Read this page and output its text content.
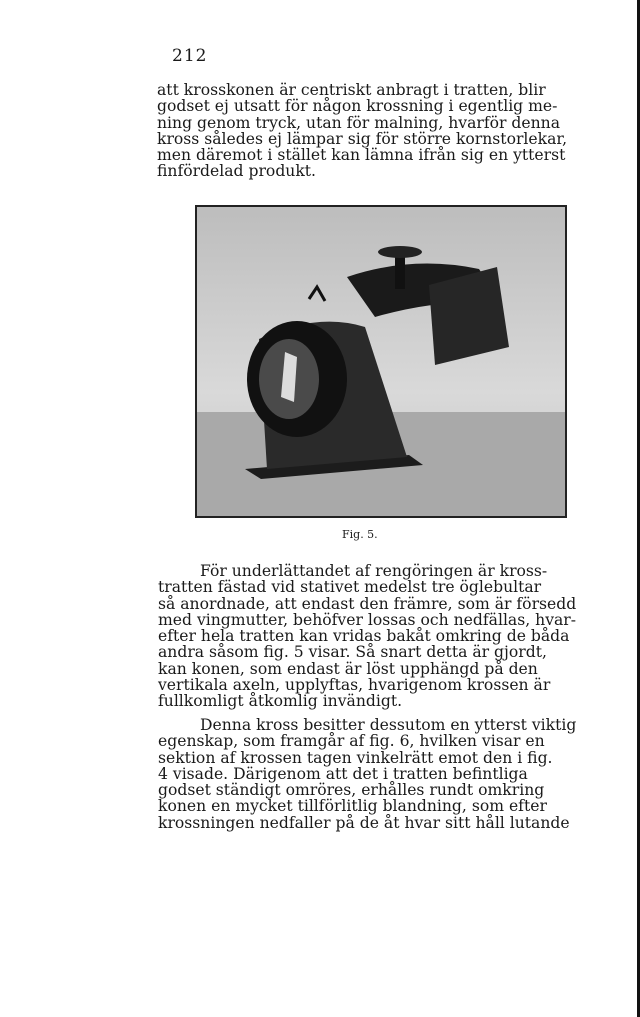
212

att krosskonen är centriskt anbragt i tratten, blir
godset ej utsatt för någon krossning i egentlig me-
ning genom tryck, utan för malning, hvarför denna
kross således ej lämpar sig för större kornstorlekar,
men däremot i stället kan lämna ifrån sig en ytterst
finfördelad produkt.

Fig. 5.

För underlättandet af rengöringen är kross-
tratten fästad vid stativet medelst tre öglebultar
så anordnade, att endast den främre, som är försedd
med vingmutter, behöfver lossas och nedfällas, hvar-
efter hela tratten kan vridas bakåt omkring de båda
andra såsom fig. 5 visar. Så snart detta är gjordt,
kan konen, som endast är löst upphängd på den
vertikala axeln, upplyftas, hvarigenom krossen är
fullkomligt åtkomlig invändigt.

Denna kross besitter dessutom en ytterst viktig
egenskap, som framgår af fig. 6, hvilken visar en
sektion af krossen tagen vinkelrätt emot den i fig.
4 visade. Därigenom att det i tratten befintliga
godset ständigt omröres, erhålles rundt omkring
konen en mycket tillförlitlig blandning, som efter
krossningen nedfaller på de åt hvar sitt håll lutande
